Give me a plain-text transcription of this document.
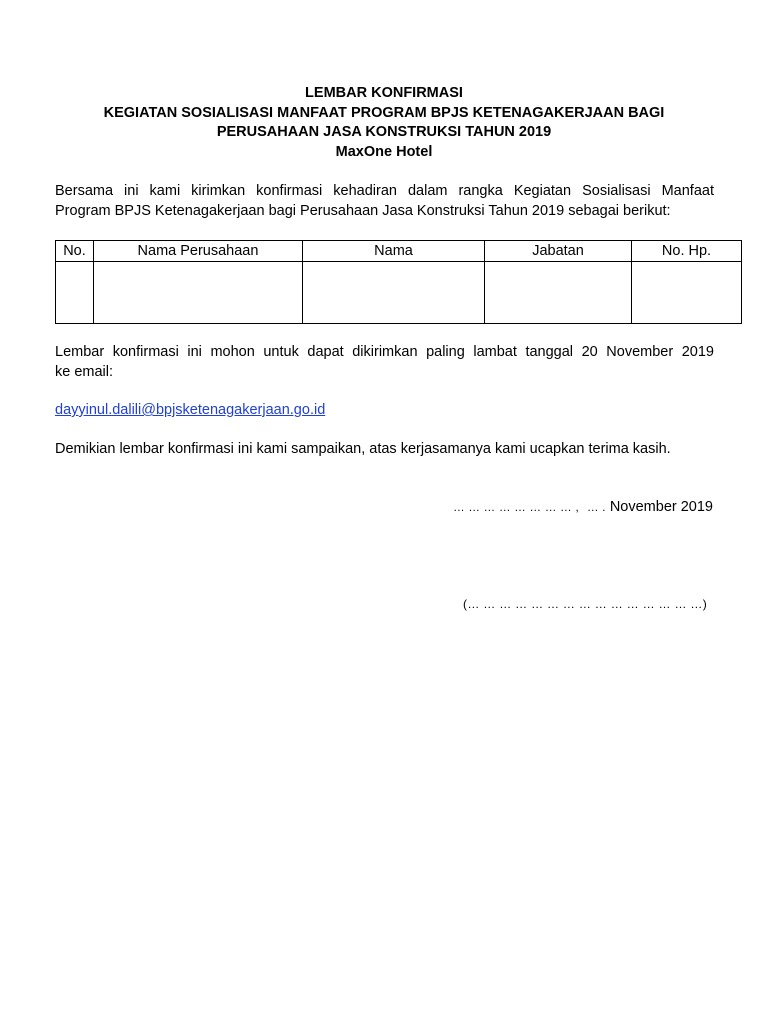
LEMBAR KONFIRMASI
KEGIATAN SOSIALISASI MANFAAT PROGRAM BPJS KETENAGAKERJAAN BAGI
PERUSAHAAN JASA KONSTRUKSI TAHUN 2019
MaxOne Hotel
Bersama ini kami kirimkan konfirmasi kehadiran dalam rangka Kegiatan Sosialisasi Manfaat
Program BPJS Ketenagakerjaan bagi Perusahaan Jasa Konstruksi Tahun 2019 sebagai berikut:
No.	Nama Perusahaan	Nama	Jabatan	No. Hp.

Lembar konfirmasi ini mohon untuk dapat dikirimkan paling lambat tanggal 20 November 2019
ke email:
dayyinul.dalili@bpjsketenagakerjaan.go.id
Demikian lembar konfirmasi ini kami sampaikan, atas kerjasamanya kami ucapkan terima kasih.
… … … … … … … … , … . November 2019
(… … … … … … … … … … … … … … …)
